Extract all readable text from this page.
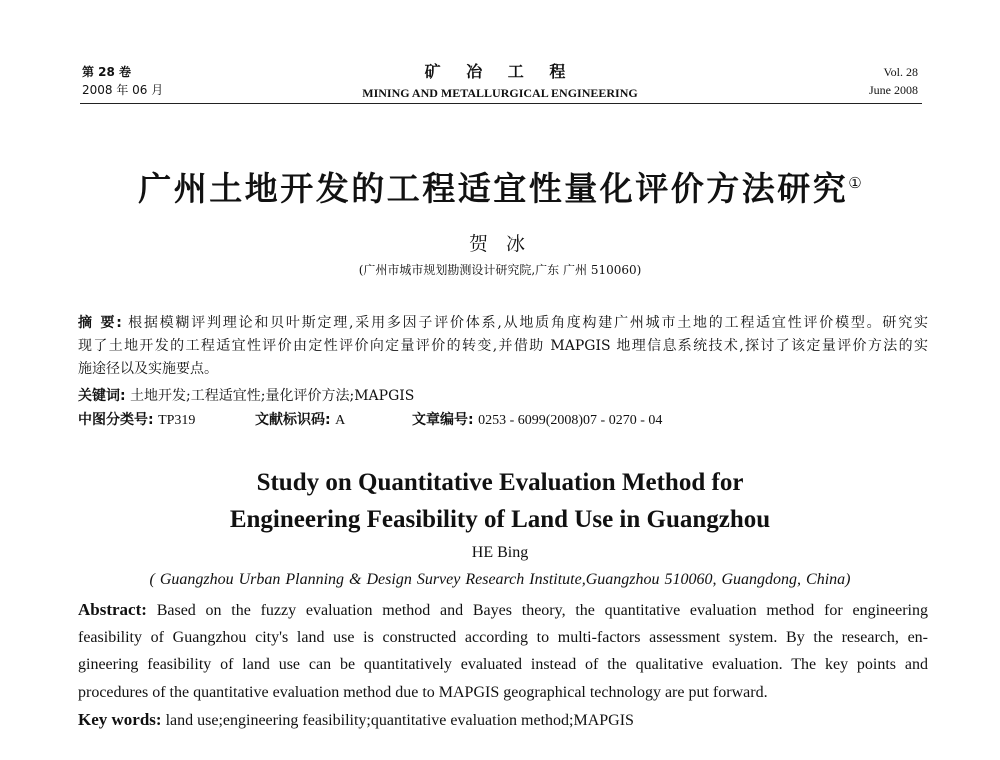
第 28 卷
2008 年 06 月
矿 冶 工 程
MINING AND METALLURGICAL ENGINEERING
Vol. 28
June 2008
广州土地开发的工程适宜性量化评价方法研究①
贺 冰
(广州市城市规划勘测设计研究院,广东 广州 510060)
摘 要: 根据模糊评判理论和贝叶斯定理,采用多因子评价体系,从地质角度构建广州城市土地的工程适宜性评价模型。研究实
现了土地开发的工程适宜性评价由定性评价向定量评价的转变,并借助 MAPGIS 地理信息系统技术,探讨了该定量评价方法的实
施途径以及实施要点。
关键词: 土地开发;工程适宜性;量化评价方法;MAPGIS
中图分类号: TP319	文献标识码: A	文章编号: 0253 - 6099(2008)07 - 0270 - 04
Study on Quantitative Evaluation Method for
Engineering Feasibility of Land Use in Guangzhou
HE Bing
( Guangzhou Urban Planning & Design Survey Research Institute,Guangzhou 510060, Guangdong, China)
Abstract: Based on the fuzzy evaluation method and Bayes theory, the quantitative evaluation method for engineering
feasibility of Guangzhou city's land use is constructed according to multi-factors assessment system. By the research, en-
gineering feasibility of land use can be quantitatively evaluated instead of the qualitative evaluation. The key points and
procedures of the quantitative evaluation method due to MAPGIS geographical technology are put forward.
Key words: land use;engineering feasibility;quantitative evaluation method;MAPGIS
